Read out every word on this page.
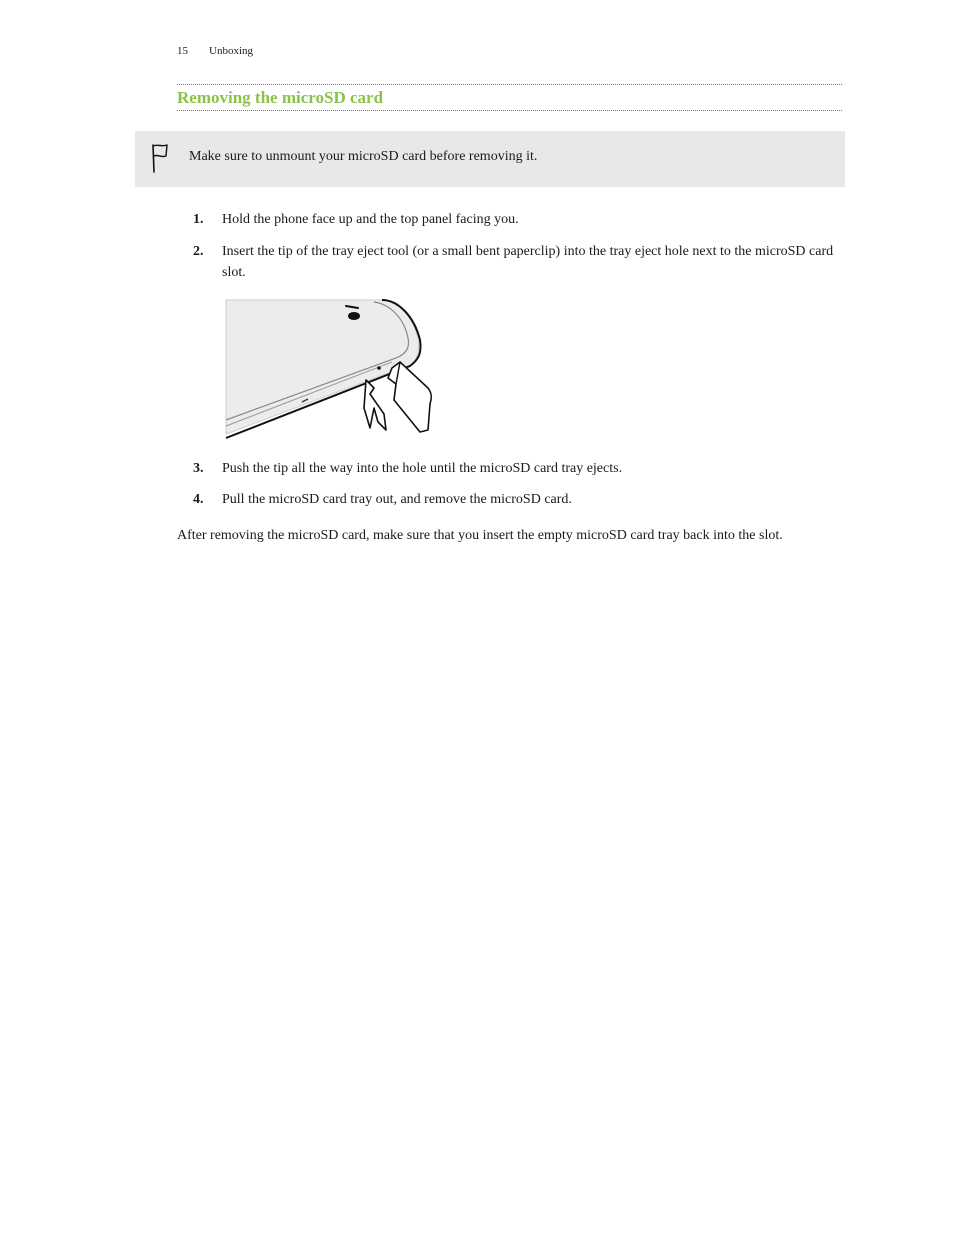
15 Unboxing
Removing the microSD card
Make sure to unmount your microSD card before removing it.
1. Hold the phone face up and the top panel facing you.
2. Insert the tip of the tray eject tool (or a small bent paperclip) into the tray eject hole next to the microSD card slot.
3. Push the tip all the way into the hole until the microSD card tray ejects.
4. Pull the microSD card tray out, and remove the microSD card.
After removing the microSD card, make sure that you insert the empty microSD card tray back into the slot.
